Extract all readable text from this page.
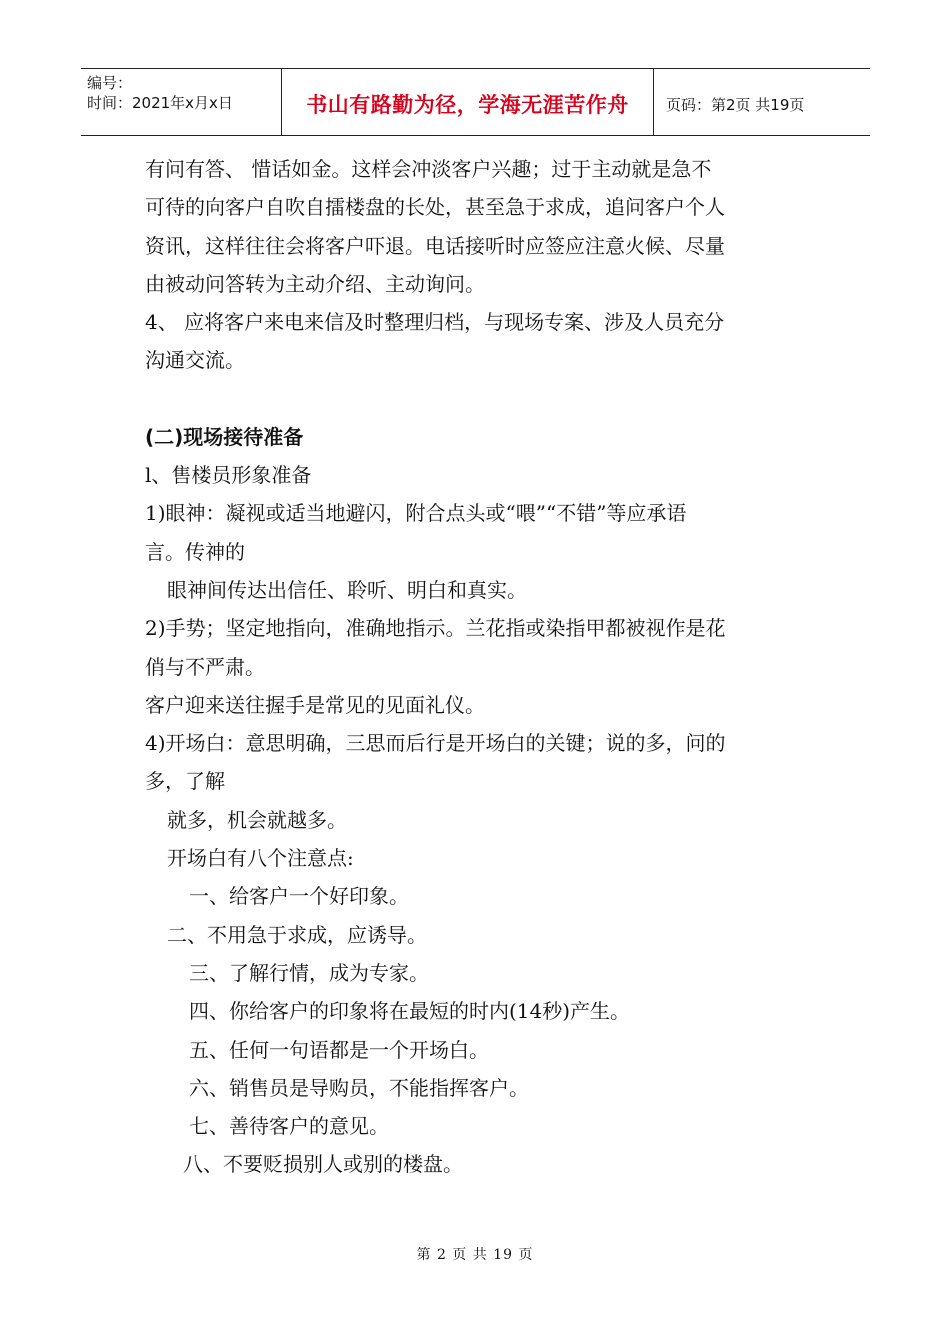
编号：
时间：2021年x月x日	书山有路勤为径，学海无涯苦作舟 页码：第2页 共19页
有问有答、 惜话如金。这样会冲淡客户兴趣；过于主动就是急不
可待的向客户自吹自擂楼盘的长处，甚至急于求成，追问客户个人
资讯，这样往往会将客户吓退。电话接听时应签应注意火候、尽量
由被动问答转为主动介绍、主动询问。
4、 应将客户来电来信及时整理归档，与现场专案、涉及人员充分
沟通交流。
(二)现场接待准备
l、售楼员形象准备
1)眼神：凝视或适当地避闪，附合点头或“喂”“不错”等应承语
言。传神的
眼神间传达出信任、聆听、明白和真实。
2)手势；坚定地指向，准确地指示。兰花指或染指甲都被视作是花
俏与不严肃。
客户迎来送往握手是常见的见面礼仪。
4)开场白：意思明确，三思而后行是开场白的关键；说的多，问的
多，了解
就多，机会就越多。
开场白有八个注意点:
一、给客户一个好印象。
二、不用急于求成，应诱导。
三、了解行情，成为专家。
四、你给客户的印象将在最短的时内(14秒)产生。
五、任何一句语都是一个开场白。
六、销售员是导购员，不能指挥客户。
七、善待客户的意见。
八、不要贬损别人或别的楼盘。
第 2 页 共 19 页
